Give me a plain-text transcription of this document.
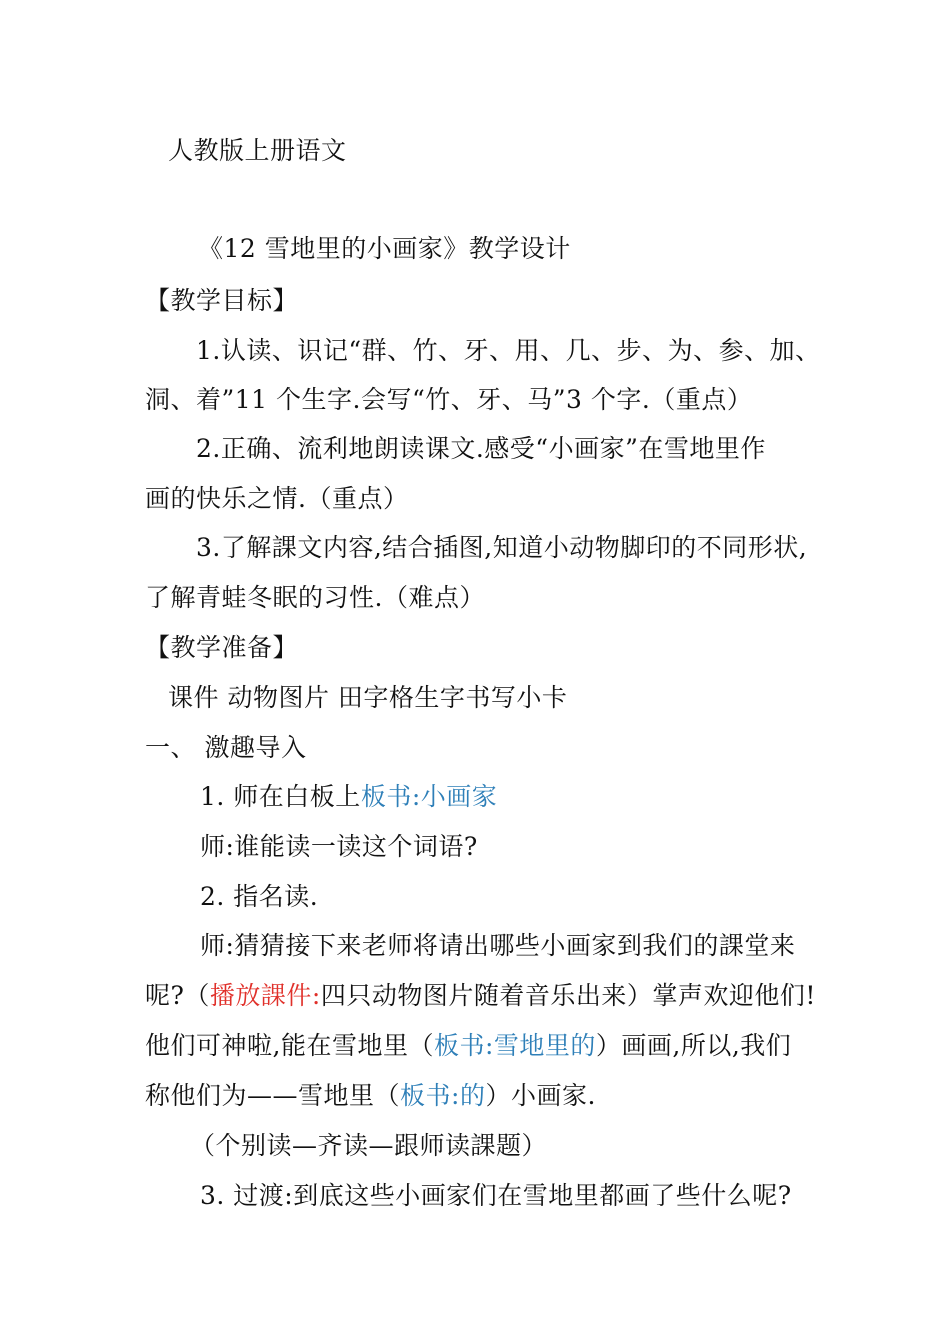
人教版上册语文
《12 雪地里的小画家》教学设计
【教学目标】
1.认读、识记“群、竹、牙、用、几、步、为、参、加、
洞、着”11 个生字.会写“竹、牙、马”3 个字.（重点）
2.正确、流利地朗读课文.感受“小画家”在雪地里作
画的快乐之情.（重点）
3.了解課文内容,结合插图,知道小动物脚印的不同形状,
了解青蛙冬眠的习性.（难点）
【教学准备】
课件 动物图片 田字格生字书写小卡
一、 激趣导入
1. 师在白板上板书:小画家
师:谁能读一读这个词语?
2. 指名读.
师:猜猜接下来老师将请出哪些小画家到我们的課堂来
呢?（播放課件:四只动物图片随着音乐出来）掌声欢迎他们!
他们可神啦,能在雪地里（板书:雪地里的）画画,所以,我们
称他们为——雪地里（板书:的）小画家.
（个别读—齐读—跟师读課题）
3. 过渡:到底这些小画家们在雪地里都画了些什么呢?
